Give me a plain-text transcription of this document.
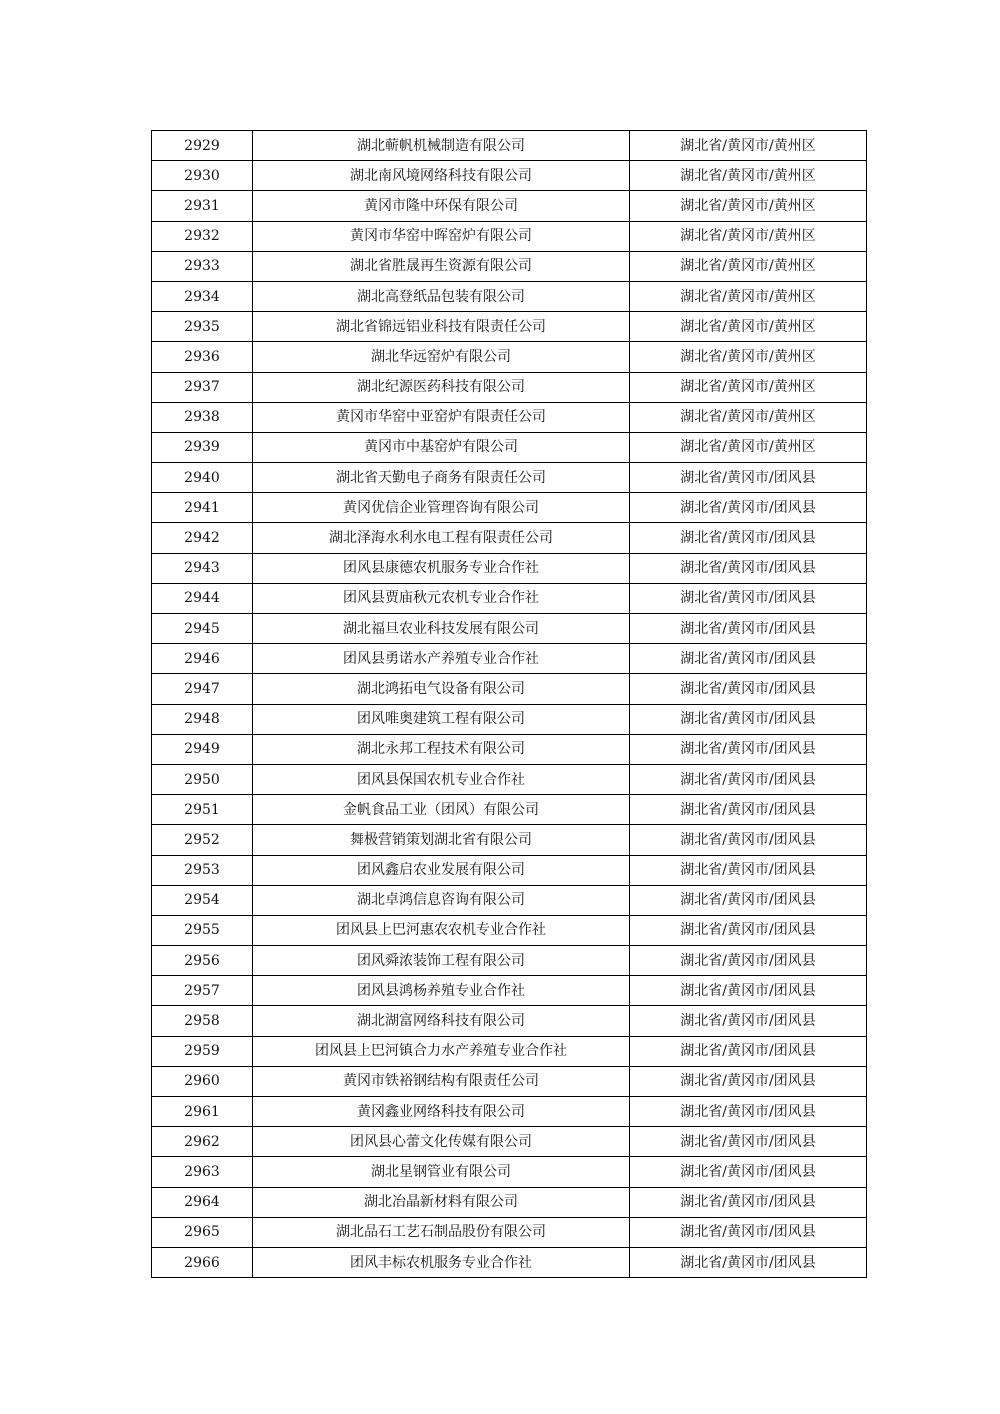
2929	湖北蕲帆机械制造有限公司	湖北省/黄冈市/黄州区
2930	湖北南风境网络科技有限公司	湖北省/黄冈市/黄州区
2931	黄冈市隆中环保有限公司	湖北省/黄冈市/黄州区
2932	黄冈市华窑中晖窑炉有限公司	湖北省/黄冈市/黄州区
2933	湖北省胜晟再生资源有限公司	湖北省/黄冈市/黄州区
2934	湖北高登纸品包装有限公司	湖北省/黄冈市/黄州区
2935	湖北省锦远铝业科技有限责任公司	湖北省/黄冈市/黄州区
2936	湖北华远窑炉有限公司	湖北省/黄冈市/黄州区
2937	湖北纪源医药科技有限公司	湖北省/黄冈市/黄州区
2938	黄冈市华窑中亚窑炉有限责任公司	湖北省/黄冈市/黄州区
2939	黄冈市中基窑炉有限公司	湖北省/黄冈市/黄州区
2940	湖北省天勤电子商务有限责任公司	湖北省/黄冈市/团风县
2941	黄冈优信企业管理咨询有限公司	湖北省/黄冈市/团风县
2942	湖北泽海水利水电工程有限责任公司	湖北省/黄冈市/团风县
2943	团风县康德农机服务专业合作社	湖北省/黄冈市/团风县
2944	团风县贾庙秋元农机专业合作社	湖北省/黄冈市/团风县
2945	湖北福旦农业科技发展有限公司	湖北省/黄冈市/团风县
2946	团风县勇诺水产养殖专业合作社	湖北省/黄冈市/团风县
2947	湖北鸿拓电气设备有限公司	湖北省/黄冈市/团风县
2948	团风唯奥建筑工程有限公司	湖北省/黄冈市/团风县
2949	湖北永邦工程技术有限公司	湖北省/黄冈市/团风县
2950	团风县保国农机专业合作社	湖北省/黄冈市/团风县
2951	金帆食品工业（团风）有限公司	湖北省/黄冈市/团风县
2952	舞极营销策划湖北省有限公司	湖北省/黄冈市/团风县
2953	团风鑫启农业发展有限公司	湖北省/黄冈市/团风县
2954	湖北卓鸿信息咨询有限公司	湖北省/黄冈市/团风县
2955	团风县上巴河惠农农机专业合作社	湖北省/黄冈市/团风县
2956	团风舜浓装饰工程有限公司	湖北省/黄冈市/团风县
2957	团风县鸿杨养殖专业合作社	湖北省/黄冈市/团风县
2958	湖北湖富网络科技有限公司	湖北省/黄冈市/团风县
2959	团风县上巴河镇合力水产养殖专业合作社	湖北省/黄冈市/团风县
2960	黄冈市铁裕钢结构有限责任公司	湖北省/黄冈市/团风县
2961	黄冈鑫业网络科技有限公司	湖北省/黄冈市/团风县
2962	团风县心蕾文化传媒有限公司	湖北省/黄冈市/团风县
2963	湖北星钢管业有限公司	湖北省/黄冈市/团风县
2964	湖北冶晶新材料有限公司	湖北省/黄冈市/团风县
2965	湖北品石工艺石制品股份有限公司	湖北省/黄冈市/团风县
2966	团风丰标农机服务专业合作社	湖北省/黄冈市/团风县
